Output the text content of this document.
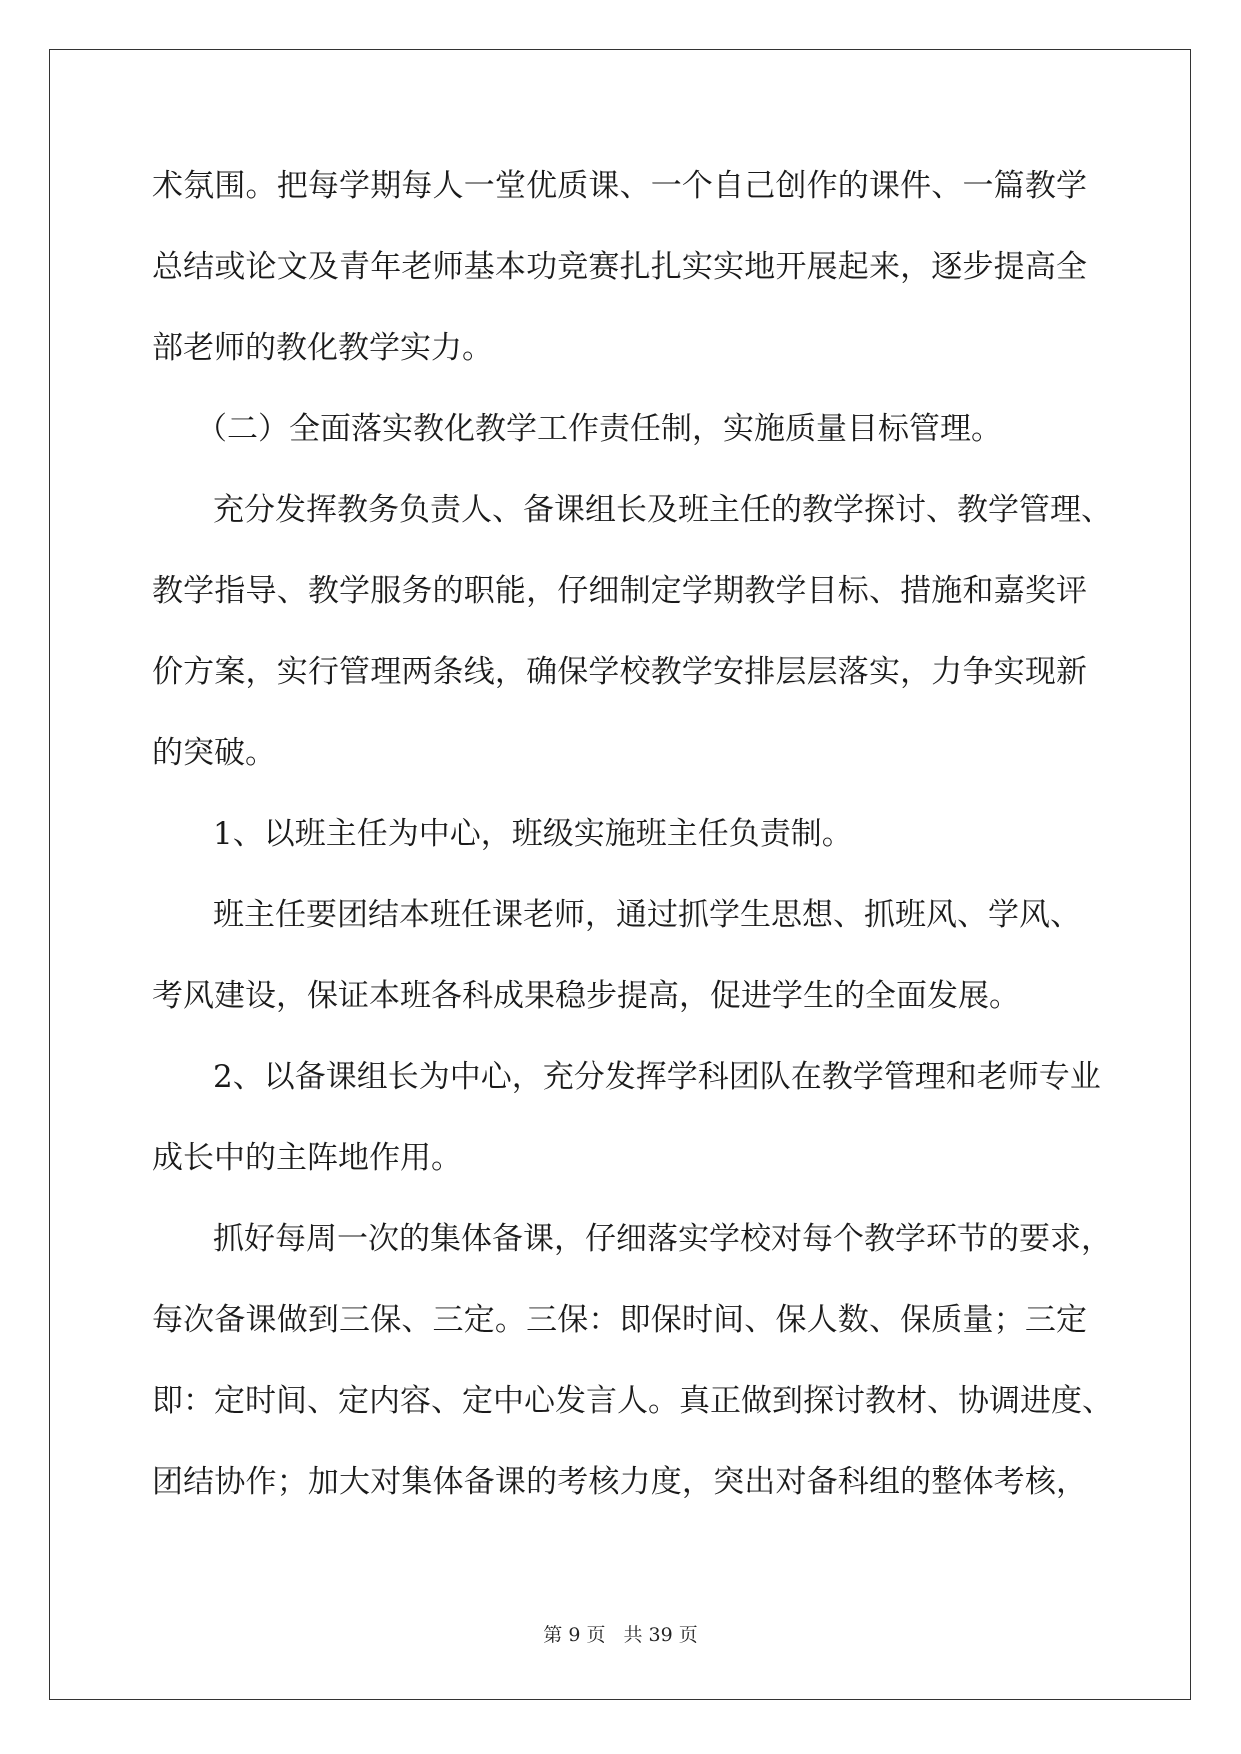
术氛围。把每学期每人一堂优质课、一个自己创作的课件、一篇教学
总结或论文及青年老师基本功竞赛扎扎实实地开展起来，逐步提高全
部老师的教化教学实力。
（二）全面落实教化教学工作责任制，实施质量目标管理。
充分发挥教务负责人、备课组长及班主任的教学探讨、教学管理、
教学指导、教学服务的职能，仔细制定学期教学目标、措施和嘉奖评
价方案，实行管理两条线，确保学校教学安排层层落实，力争实现新
的突破。
1、以班主任为中心，班级实施班主任负责制。
班主任要团结本班任课老师，通过抓学生思想、抓班风、学风、
考风建设，保证本班各科成果稳步提高，促进学生的全面发展。
2、以备课组长为中心，充分发挥学科团队在教学管理和老师专业
成长中的主阵地作用。
抓好每周一次的集体备课，仔细落实学校对每个教学环节的要求，
每次备课做到三保、三定。三保：即保时间、保人数、保质量；三定
即：定时间、定内容、定中心发言人。真正做到探讨教材、协调进度、
团结协作；加大对集体备课的考核力度，突出对备科组的整体考核，
第 9 页 共 39 页
